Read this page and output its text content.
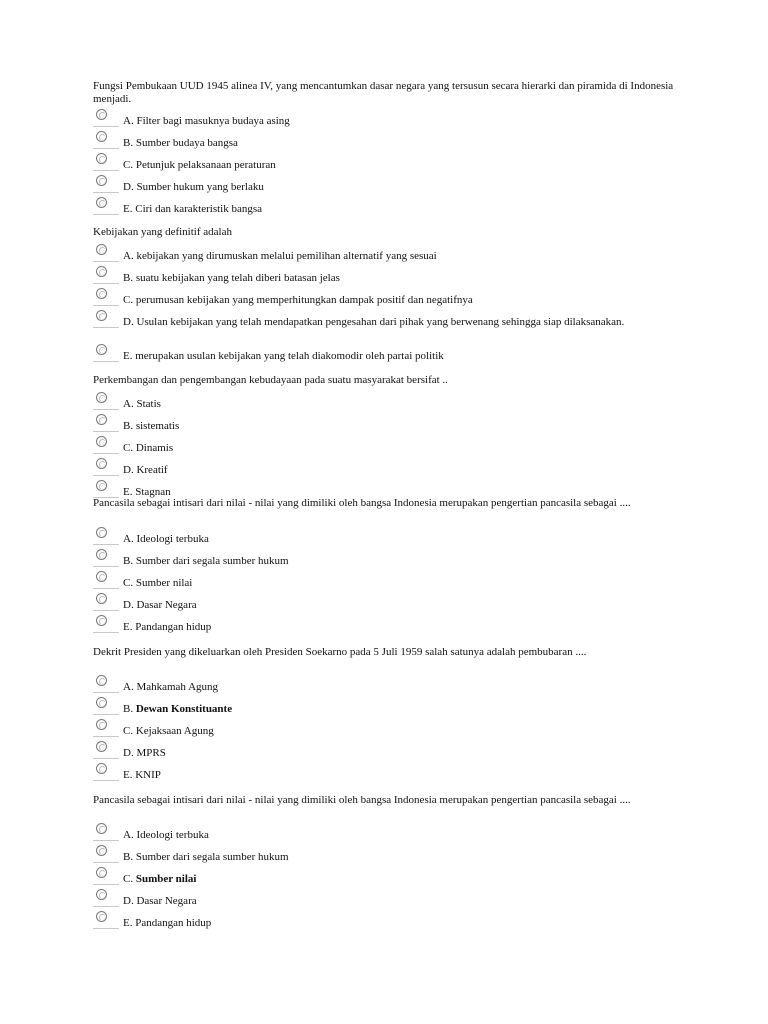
Fungsi Pembukaan UUD 1945 alinea IV, yang mencantumkan dasar negara yang tersusun secara hierarki dan piramida di Indonesia menjadi.

A. Filter bagi masuknya budaya asing
B. Sumber budaya bangsa
C. Petunjuk pelaksanaan peraturan
D. Sumber hukum yang berlaku
E. Ciri dan karakteristik bangsa

Kebijakan yang definitif adalah

A. kebijakan yang dirumuskan melalui pemilihan alternatif yang sesuai
B. suatu kebijakan yang telah diberi batasan jelas
C. perumusan kebijakan yang memperhitungkan dampak positif dan negatifnya
D. Usulan kebijakan yang telah mendapatkan pengesahan dari pihak yang berwenang sehingga siap dilaksanakan.
E. merupakan usulan kebijakan yang telah diakomodir oleh partai politik

Perkembangan dan pengembangan kebudayaan pada suatu masyarakat bersifat ..

A. Statis
B. sistematis
C. Dinamis
D. Kreatif
E. Stagnan

Pancasila sebagai intisari dari nilai - nilai yang dimiliki oleh bangsa Indonesia merupakan pengertian pancasila sebagai ....

A. Ideologi terbuka
B. Sumber dari segala sumber hukum
C. Sumber nilai
D. Dasar Negara
E. Pandangan hidup

Dekrit Presiden yang dikeluarkan oleh Presiden Soekarno pada 5 Juli 1959 salah satunya adalah pembubaran ....

A. Mahkamah Agung
B. Dewan Konstituante
C. Kejaksaan Agung
D. MPRS
E. KNIP

Pancasila sebagai intisari dari nilai - nilai yang dimiliki oleh bangsa Indonesia merupakan pengertian pancasila sebagai ....

A. Ideologi terbuka
B. Sumber dari segala sumber hukum
C. Sumber nilai
D. Dasar Negara
E. Pandangan hidup
